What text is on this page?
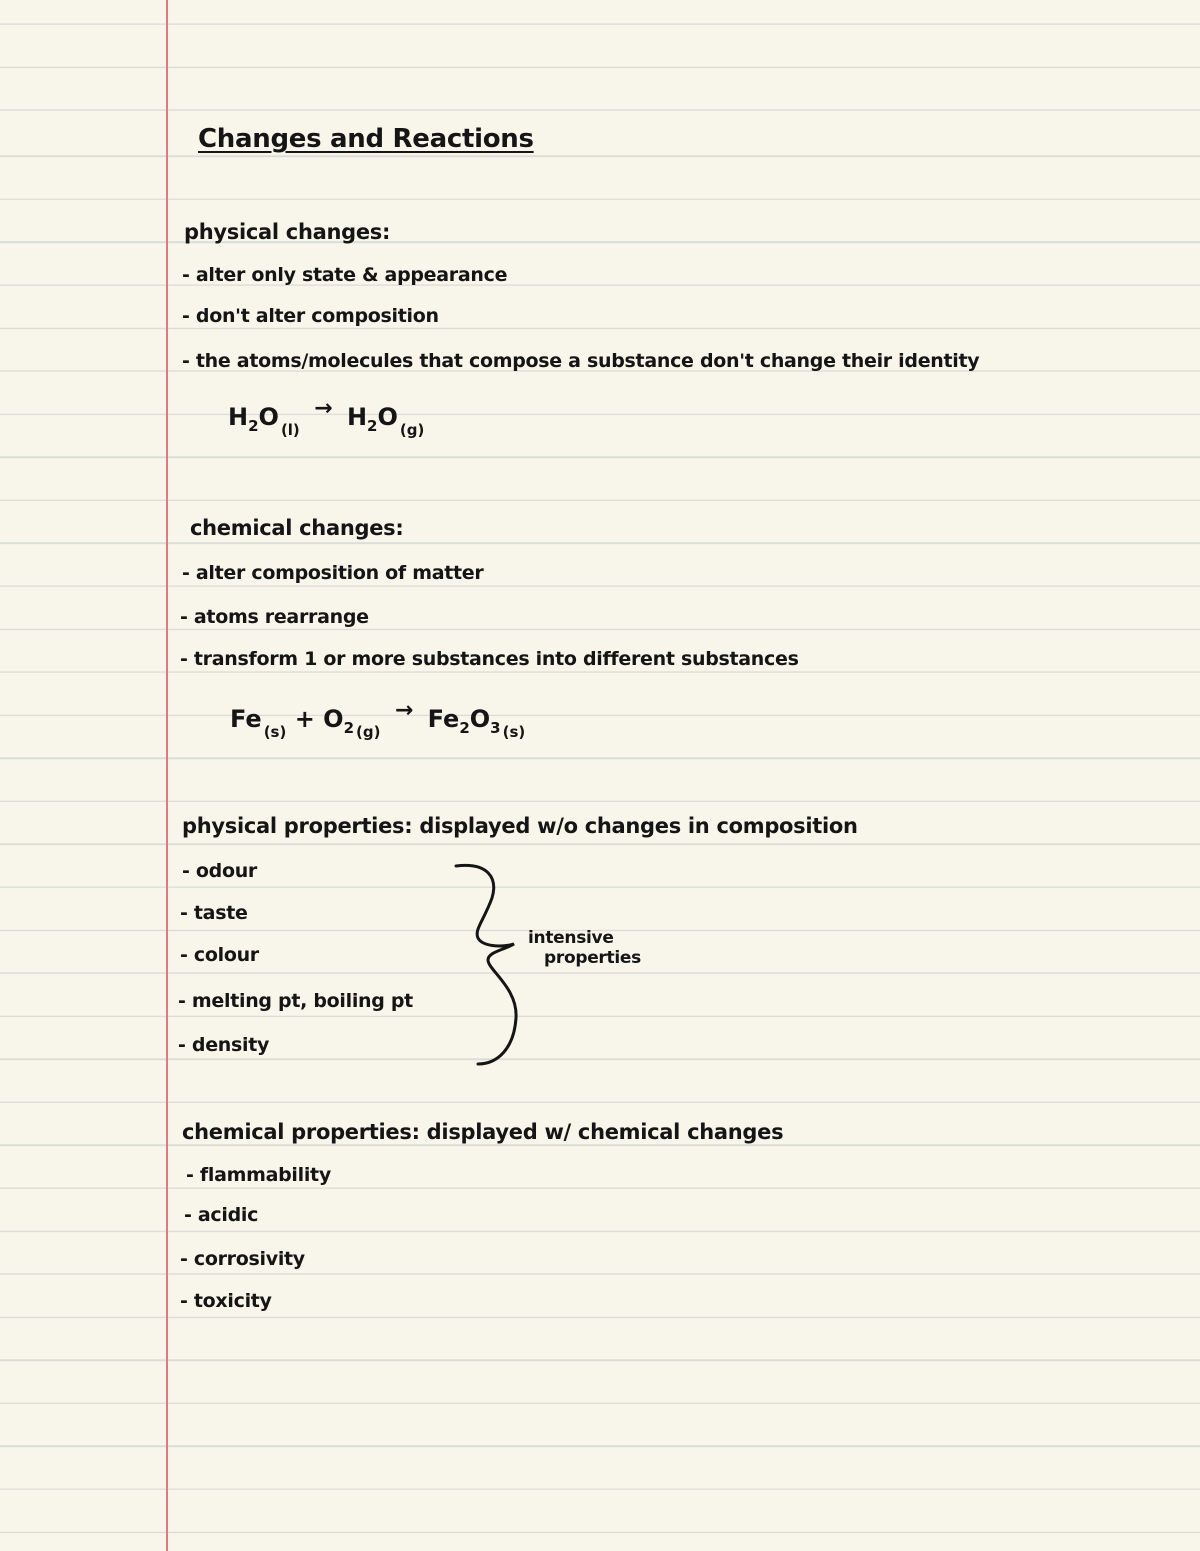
Changes and Reactions
physical changes:
- alter only state & appearance
- don't alter composition
- the atoms/molecules that compose a substance don't change their identity
$H_2O$ $_{(l)} \to H_2O$ $_{(g)}$
chemical changes:
- alter composition of matter
- atoms rearrange
- transform 1 or more substances into different substances
Fe $_{(s)} + O_2$ $_{(g)} \to Fe_2O_3$ $_{(s)}$
physical properties: displayed w/o changes in composition
- odour
- taste
- colour
- melting pt, boiling pt
- density
intensive
properties
chemical properties: displayed w/ chemical changes
- flammability
- acidic
- corrosivity
- toxicity
